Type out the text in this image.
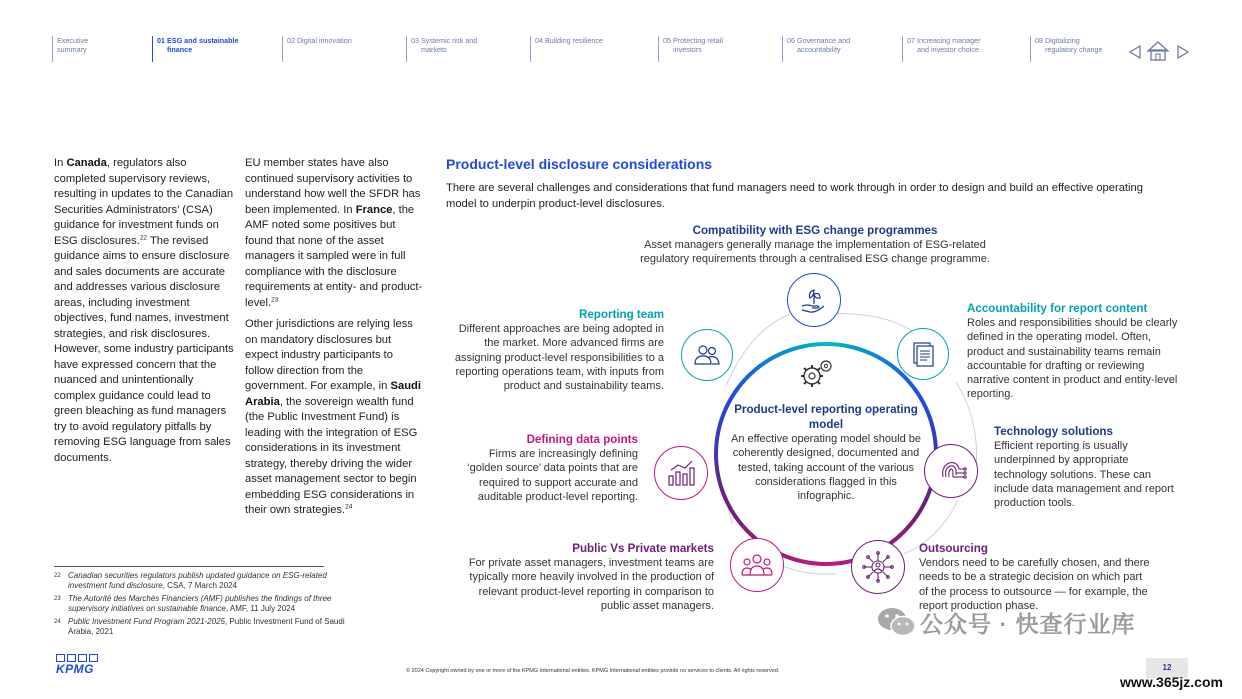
Executive
summary
01 ESG and sustainable
finance
02 Digital innovation	03 Systemic risk and
markets
04 Building resilience	05 Protecting retail
investors
06 Governance and
accountability
07 Increasing manager
and investor choice
08 Digitalizing
regulatory change

In Canada, regulators also completed supervisory reviews, resulting in updates to the Canadian Securities Administrators’ (CSA) guidance for investment funds on ESG disclosures.$^{22}$ The revised guidance aims to ensure disclosure and sales documents are accurate and addresses various disclosure areas, including investment objectives, fund names, investment strategies, and risk disclosures. However, some industry participants have expressed concern that the nuanced and unintentionally complex guidance could lead to green bleaching as fund managers try to avoid regulatory pitfalls by removing ESG language from sales documents.

EU member states have also continued supervisory activities to understand how well the SFDR has been implemented. In France, the AMF noted some positives but found that none of the asset managers it sampled were in full compliance with the disclosure requirements at entity- and product-level.$^{23}$

Other jurisdictions are relying less on mandatory disclosures but expect industry participants to follow direction from the government. For example, in Saudi Arabia, the sovereign wealth fund (the Public Investment Fund) is leading with the integration of ESG considerations in its investment strategy, thereby driving the wider asset management sector to begin embedding ESG considerations in their own strategies.$^{24}$

Product-level disclosure considerations
There are several challenges and considerations that fund managers need to work through in order to design and build an effective operating model to underpin product-level disclosures.
Product-level reporting operating model
An effective operating model should be coherently designed, documented and tested, taking account of the various considerations flagged in this infographic.
Compatibility with ESG change programmes
Asset managers generally manage the implementation of ESG-related regulatory requirements through a centralised ESG change programme.
Reporting team
Different approaches are being adopted in the market. More advanced firms are assigning product-level responsibilities to a reporting operations team, with inputs from product and sustainability teams.
Accountability for report content
Roles and responsibilities should be clearly defined in the operating model. Often, product and sustainability teams remain accountable for drafting or reviewing narrative content in product and entity-level reporting.
Defining data points
Firms are increasingly defining ‘golden source’ data points that are required to support accurate and auditable product-level reporting.
Technology solutions
Efficient reporting is usually underpinned by appropriate technology solutions. These can include data management and report production tools.
Public Vs Private markets
For private asset managers, investment teams are typically more heavily involved in the production of relevant product-level reporting in comparison to public asset managers.
Outsourcing
Vendors need to be carefully chosen, and there needs to be a strategic decision on which part of the process to outsource — for example, the report production phase.
22 Canadian securities regulators publish updated guidance on ESG-related investment fund disclosure, CSA, 7 March 2024
23 The Autorité des Marchés Financiers (AMF) publishes the findings of three supervisory initiatives on sustainable finance, AMF, 11 July 2024
24 Public Investment Fund Program 2021-2025, Public Investment Fund of Saudi Arabia, 2021
KPMG	© 2024 Copyright owned by one or more of the KPMG International entities. KPMG International entities provide no services to clients. All rights reserved.	12
公众号 · 快查行业库
www.365jz.com
